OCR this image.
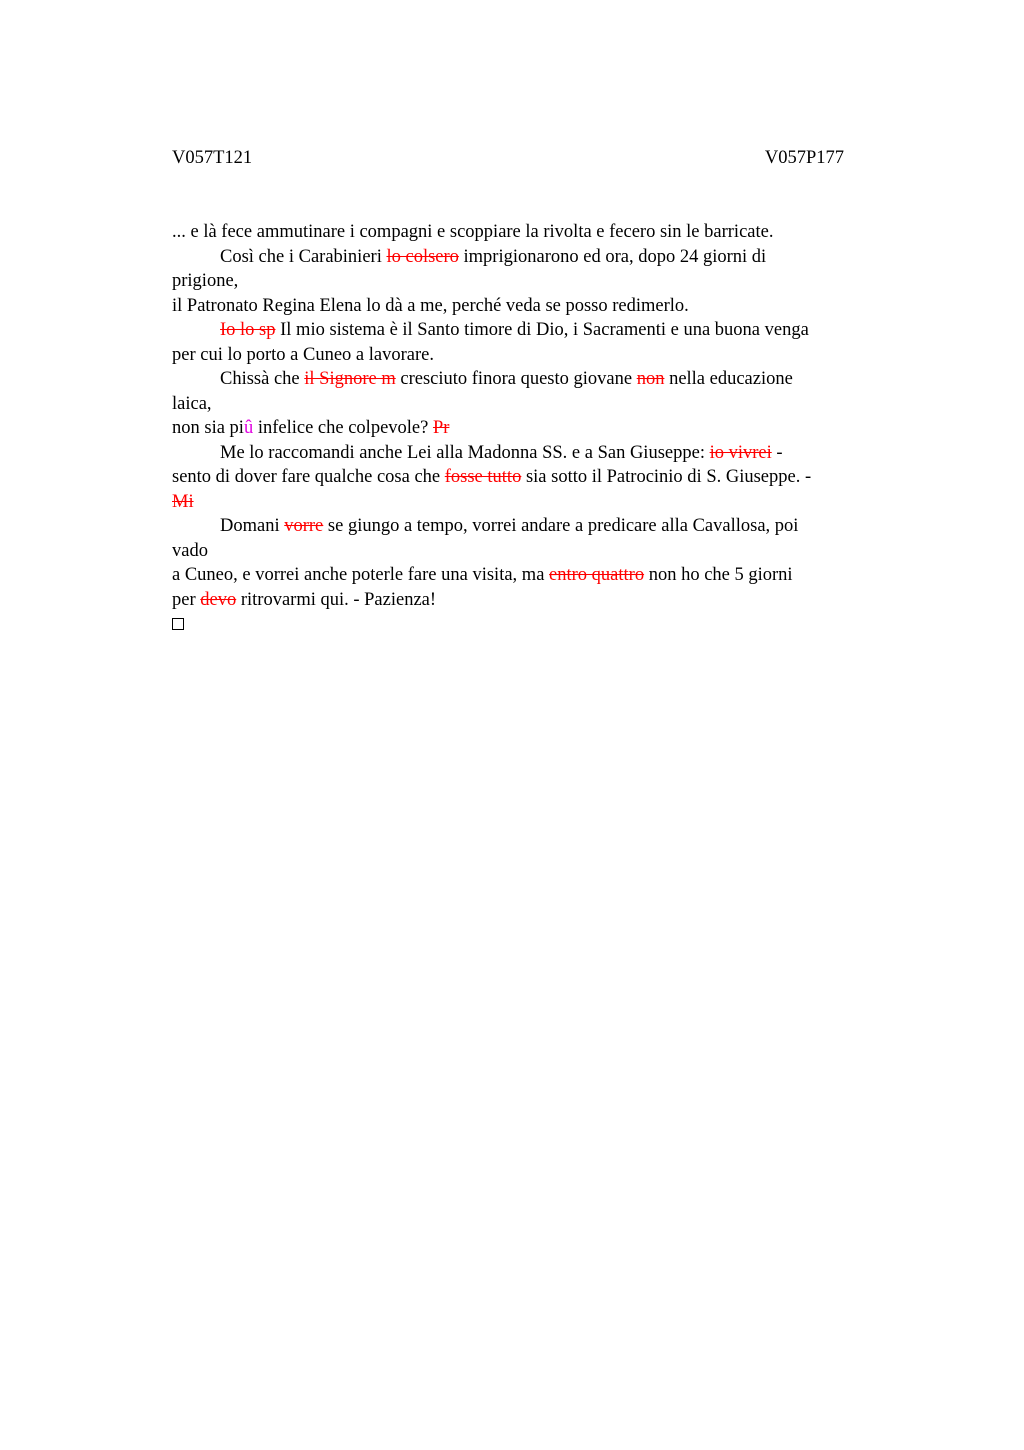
V057T121	V057P177
... e là fece ammutinare i compagni e scoppiare la rivolta e fecero sin le barricate.
Così che i Carabinieri lo colsero imprigionarono ed ora, dopo 24 giorni di
prigione,
il Patronato Regina Elena lo dà a me, perché veda se posso redimerlo.
Io lo sp Il mio sistema è il Santo timore di Dio, i Sacramenti e una buona venga
per cui lo porto a Cuneo a lavorare.
Chissà che il Signore m cresciuto finora questo giovane non nella educazione
laica,
non sia piû infelice che colpevole? Pr
Me lo raccomandi anche Lei alla Madonna SS. e a San Giuseppe: io vivrei -
sento di dover fare qualche cosa che fosse tutto sia sotto il Patrocinio di S. Giuseppe. -
Mi
Domani vorre se giungo a tempo, vorrei andare a predicare alla Cavallosa, poi
vado
a Cuneo, e vorrei anche poterle fare una visita, ma entro quattro non ho che 5 giorni
per devo ritrovarmi qui. - Pazienza!
